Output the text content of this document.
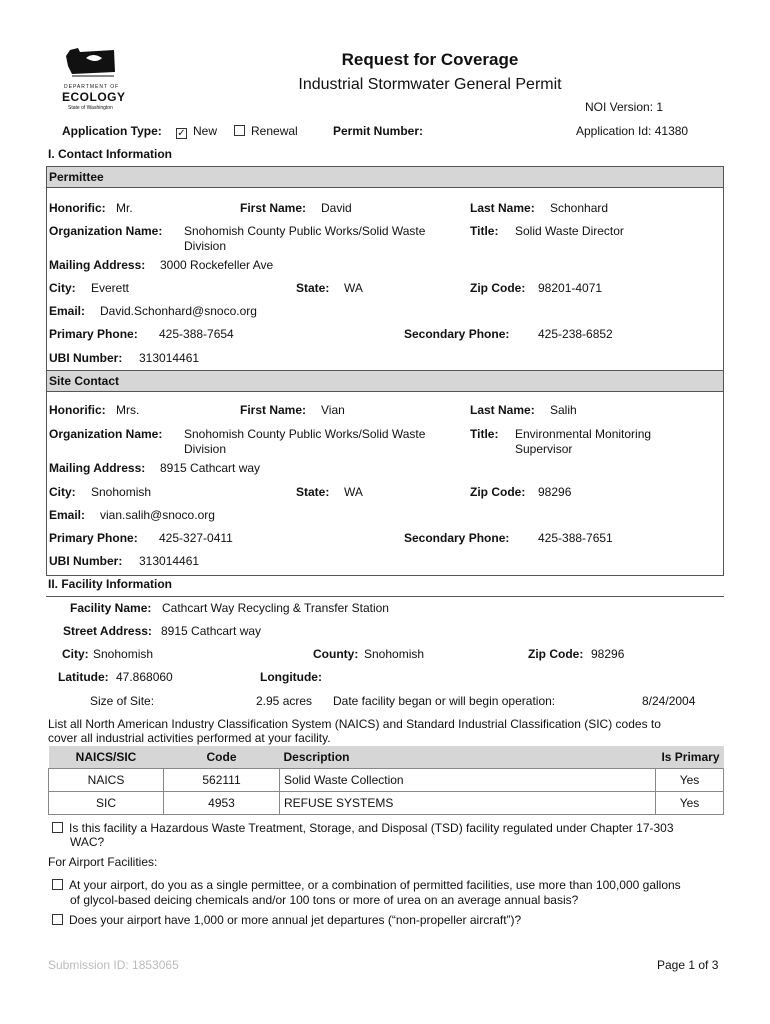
DEPARTMENT OF
ECOLOGY
State of Washington
Request for Coverage
Industrial Stormwater General Permit
NOI Version: 1
Application Type: ✓ New	Renewal	Permit Number:	Application Id: 41380
I. Contact Information
Permittee
Honorific: Mr.	First Name: David	Last Name: Schonhard
Organization Name: Snohomish County Public Works/Solid Waste
Division
Title: Solid Waste Director
Mailing Address: 3000 Rockefeller Ave
City: Everett	State: WA	Zip Code: 98201-4071
Email: David.Schonhard@snoco.org
Primary Phone: 425-388-7654	Secondary Phone: 425-238-6852
UBI Number: 313014461
Site Contact
Honorific: Mrs.	First Name: Vian	Last Name: Salih
Organization Name: Snohomish County Public Works/Solid Waste
Division
Title: Environmental Monitoring
Supervisor
Mailing Address: 8915 Cathcart way
City: Snohomish	State: WA	Zip Code: 98296
Email: vian.salih@snoco.org
Primary Phone: 425-327-0411	Secondary Phone: 425-388-7651
UBI Number: 313014461
II. Facility Information
Facility Name: Cathcart Way Recycling & Transfer Station
Street Address: 8915 Cathcart way
City: Snohomish	County: Snohomish	Zip Code: 98296
Latitude: 47.868060	Longitude:
Size of Site:	2.95 acres Date facility began or will begin operation:	8/24/2004
List all North American Industry Classification System (NAICS) and Standard Industrial Classification (SIC) codes to
cover all industrial activities performed at your facility.
NAICS/SIC	Code	Description	Is Primary
NAICS	562111	Solid Waste Collection	Yes
SIC	4953	REFUSE SYSTEMS	Yes
Is this facility a Hazardous Waste Treatment, Storage, and Disposal (TSD) facility regulated under Chapter 17-303
WAC?
For Airport Facilities:
At your airport, do you as a single permittee, or a combination of permitted facilities, use more than 100,000 gallons
of glycol-based deicing chemicals and/or 100 tons or more of urea on an average annual basis?
Does your airport have 1,000 or more annual jet departures (“non-propeller aircraft”)?
Submission ID: 1853065	Page 1 of 3
